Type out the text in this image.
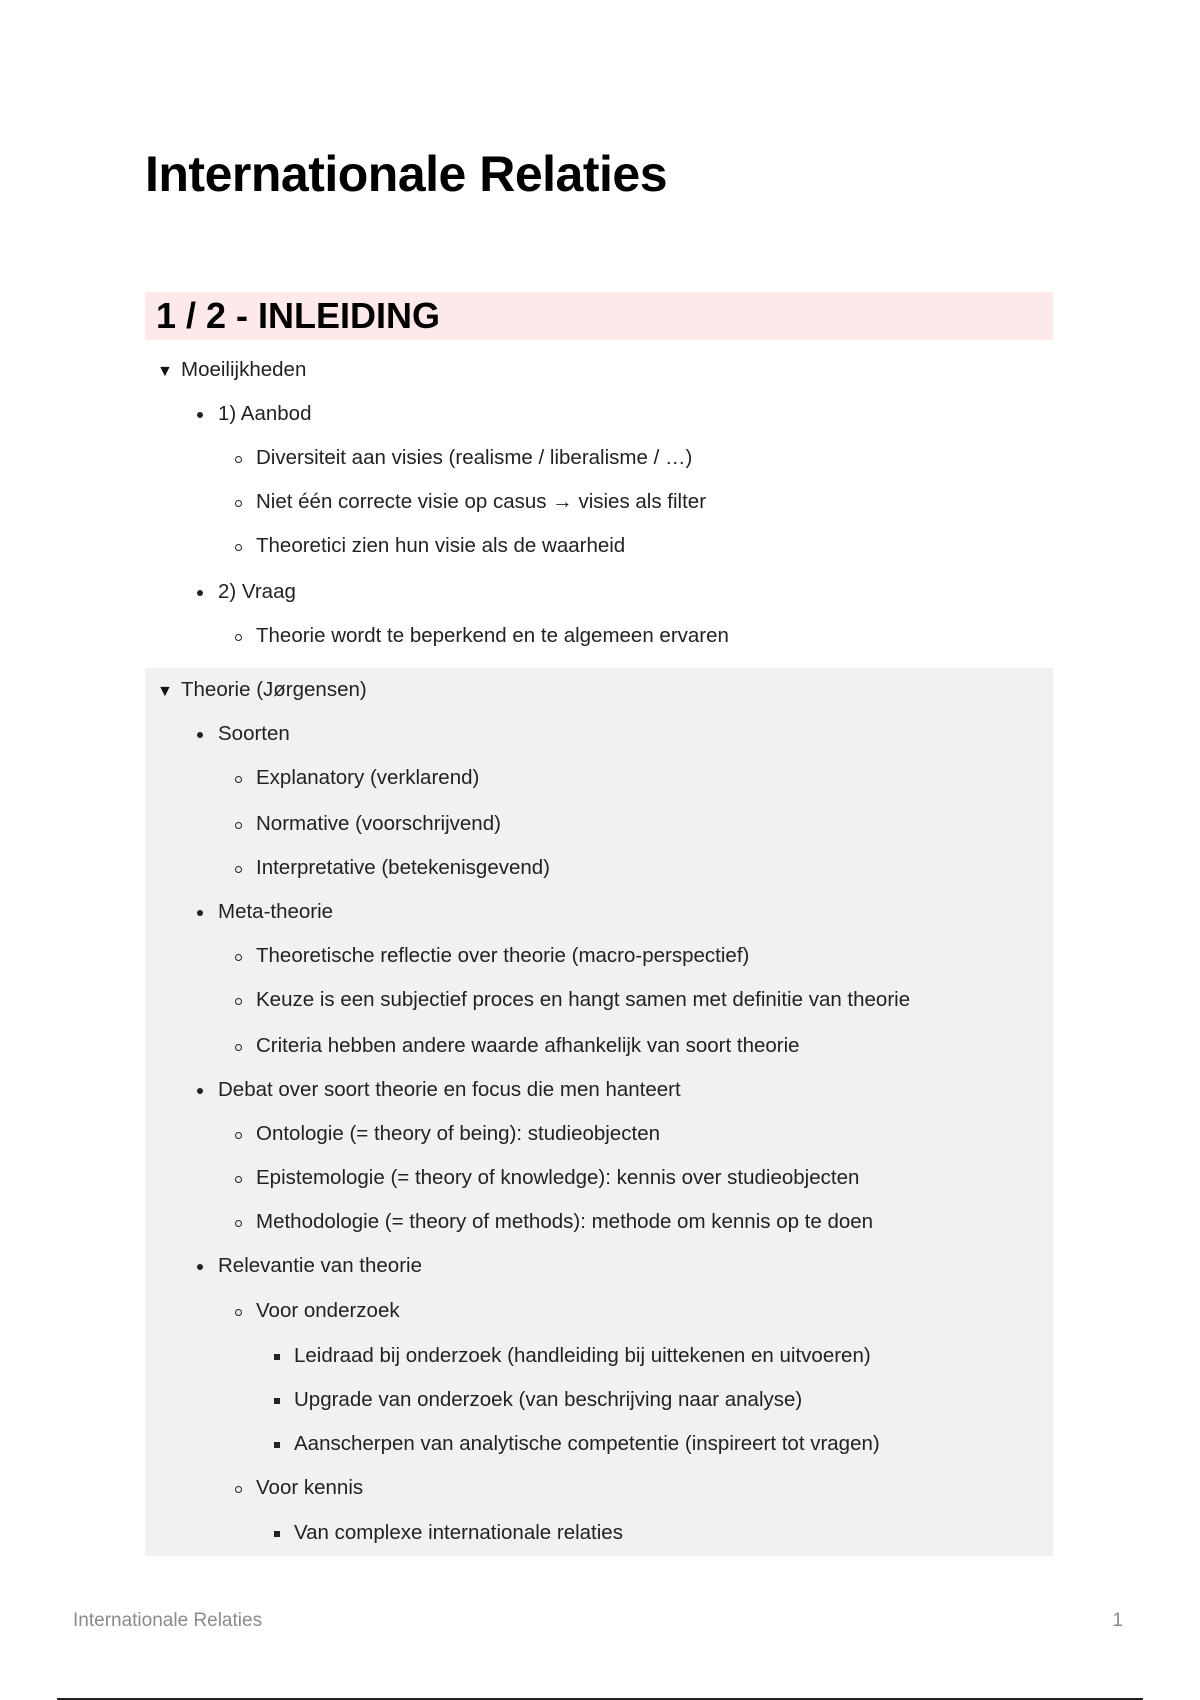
Internationale Relaties
1 / 2 - INLEIDING
▼ Moeilijkheden
1) Aanbod
Diversiteit aan visies (realisme / liberalisme / …)
Niet één correcte visie op casus → visies als filter
Theoretici zien hun visie als de waarheid
2) Vraag
Theorie wordt te beperkend en te algemeen ervaren
▼ Theorie (Jørgensen)
Soorten
Explanatory (verklarend)
Normative (voorschrijvend)
Interpretative (betekenisgevend)
Meta-theorie
Theoretische reflectie over theorie (macro-perspectief)
Keuze is een subjectief proces en hangt samen met definitie van theorie
Criteria hebben andere waarde afhankelijk van soort theorie
Debat over soort theorie en focus die men hanteert
Ontologie (= theory of being): studieobjecten
Epistemologie (= theory of knowledge): kennis over studieobjecten
Methodologie (= theory of methods): methode om kennis op te doen
Relevantie van theorie
Voor onderzoek
Leidraad bij onderzoek (handleiding bij uittekenen en uitvoeren)
Upgrade van onderzoek (van beschrijving naar analyse)
Aanscherpen van analytische competentie (inspireert tot vragen)
Voor kennis
Van complexe internationale relaties
Internationale Relaties	1
